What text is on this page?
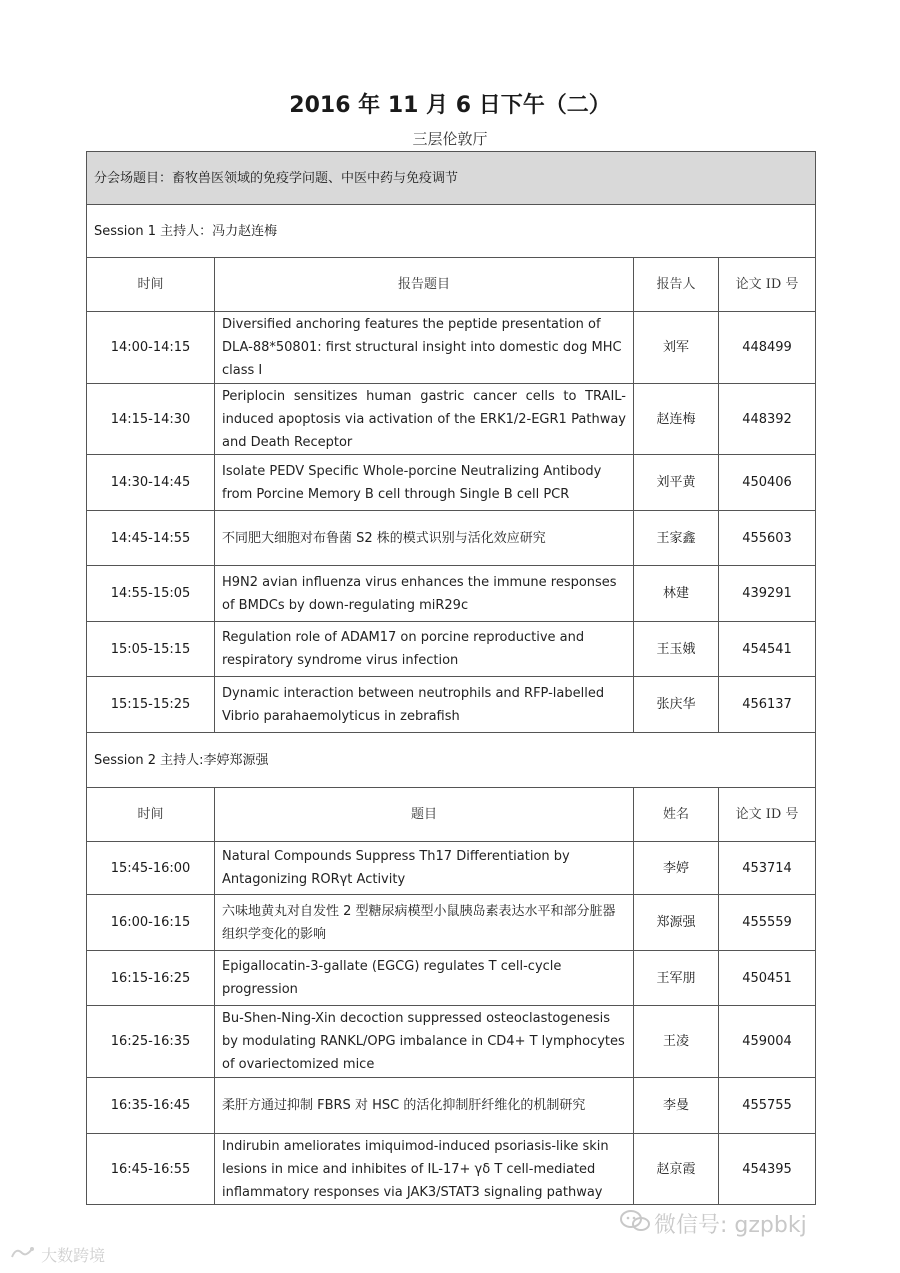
2016 年 11 月 6 日下午（二）
三层伦敦厅
分会场题目：畜牧兽医领域的免疫学问题、中医中药与免疫调节			
Session 1 主持人：冯力赵连梅			
时间	报告题目	报告人	论文 ID 号
14:00-14:15	Diversified anchoring features the peptide presentation of DLA-88*50801: first structural insight into domestic dog MHC class I	刘军	448499
14:15-14:30	Periplocin sensitizes human gastric cancer cells to TRAIL-induced apoptosis via activation of the ERK1/2-EGR1 Pathway and Death Receptor	赵连梅	448392
14:30-14:45	Isolate PEDV Specific Whole-porcine Neutralizing Antibody from Porcine Memory B cell through Single B cell PCR	刘平黄	450406
14:45-14:55	不同肥大细胞对布鲁菌 S2 株的模式识别与活化效应研究	王家鑫	455603
14:55-15:05	H9N2 avian influenza virus enhances the immune responses of BMDCs by down-regulating miR29c	林建	439291
15:05-15:15	Regulation role of ADAM17 on porcine reproductive and respiratory syndrome virus infection	王玉娥	454541
15:15-15:25	Dynamic interaction between neutrophils and RFP-labelled Vibrio parahaemolyticus in zebrafish	张庆华	456137
Session 2 主持人:李婷郑源强			
时间	题目	姓名	论文 ID 号
15:45-16:00	Natural Compounds Suppress Th17 Differentiation by Antagonizing RORγt Activity	李婷	453714
16:00-16:15	六味地黄丸对自发性 2 型糖尿病模型小鼠胰岛素表达水平和部分脏器组织学变化的影响	郑源强	455559
16:15-16:25	Epigallocatin-3-gallate (EGCG) regulates T cell-cycle progression	王军朋	450451
16:25-16:35	Bu-Shen-Ning-Xin decoction suppressed osteoclastogenesis by modulating RANKL/OPG imbalance in CD4+ T lymphocytes of ovariectomized mice	王凌	459004
16:35-16:45	柔肝方通过抑制 FBRS 对 HSC 的活化抑制肝纤维化的机制研究	李曼	455755
16:45-16:55	Indirubin ameliorates imiquimod-induced psoriasis-like skin lesions in mice and inhibites of IL-17+ γδ T cell-mediated inflammatory responses via JAK3/STAT3 signaling pathway	赵京霞	454395
微信号: gzpbkj
大数跨境
